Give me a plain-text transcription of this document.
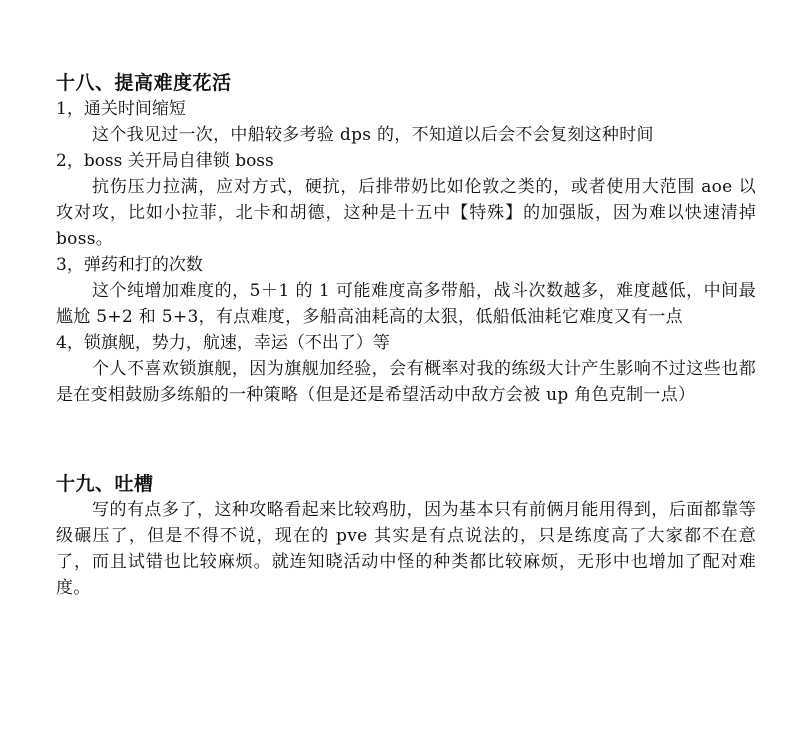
十八、提高难度花活

1，通关时间缩短

这个我见过一次，中船较多考验 dps 的，不知道以后会不会复刻这种时间

2，boss 关开局自律锁 boss

抗伤压力拉满，应对方式，硬抗，后排带奶比如伦敦之类的，或者使用大范围 aoe 以攻对攻，比如小拉菲，北卡和胡德，这种是十五中【特殊】的加强版，因为难以快速清掉 boss。

3，弹药和打的次数

这个纯增加难度的，5＋1 的 1 可能难度高多带船，战斗次数越多，难度越低，中间最尴尬 5+2 和 5+3，有点难度，多船高油耗高的太狠，低船低油耗它难度又有一点

4，锁旗舰，势力，航速，幸运（不出了）等

个人不喜欢锁旗舰，因为旗舰加经验，会有概率对我的练级大计产生影响不过这些也都是在变相鼓励多练船的一种策略（但是还是希望活动中敌方会被 up 角色克制一点）

十九、吐槽

写的有点多了，这种攻略看起来比较鸡肋，因为基本只有前俩月能用得到，后面都靠等级碾压了，但是不得不说，现在的 pve 其实是有点说法的，只是练度高了大家都不在意了，而且试错也比较麻烦。就连知晓活动中怪的种类都比较麻烦，无形中也增加了配对难度。
